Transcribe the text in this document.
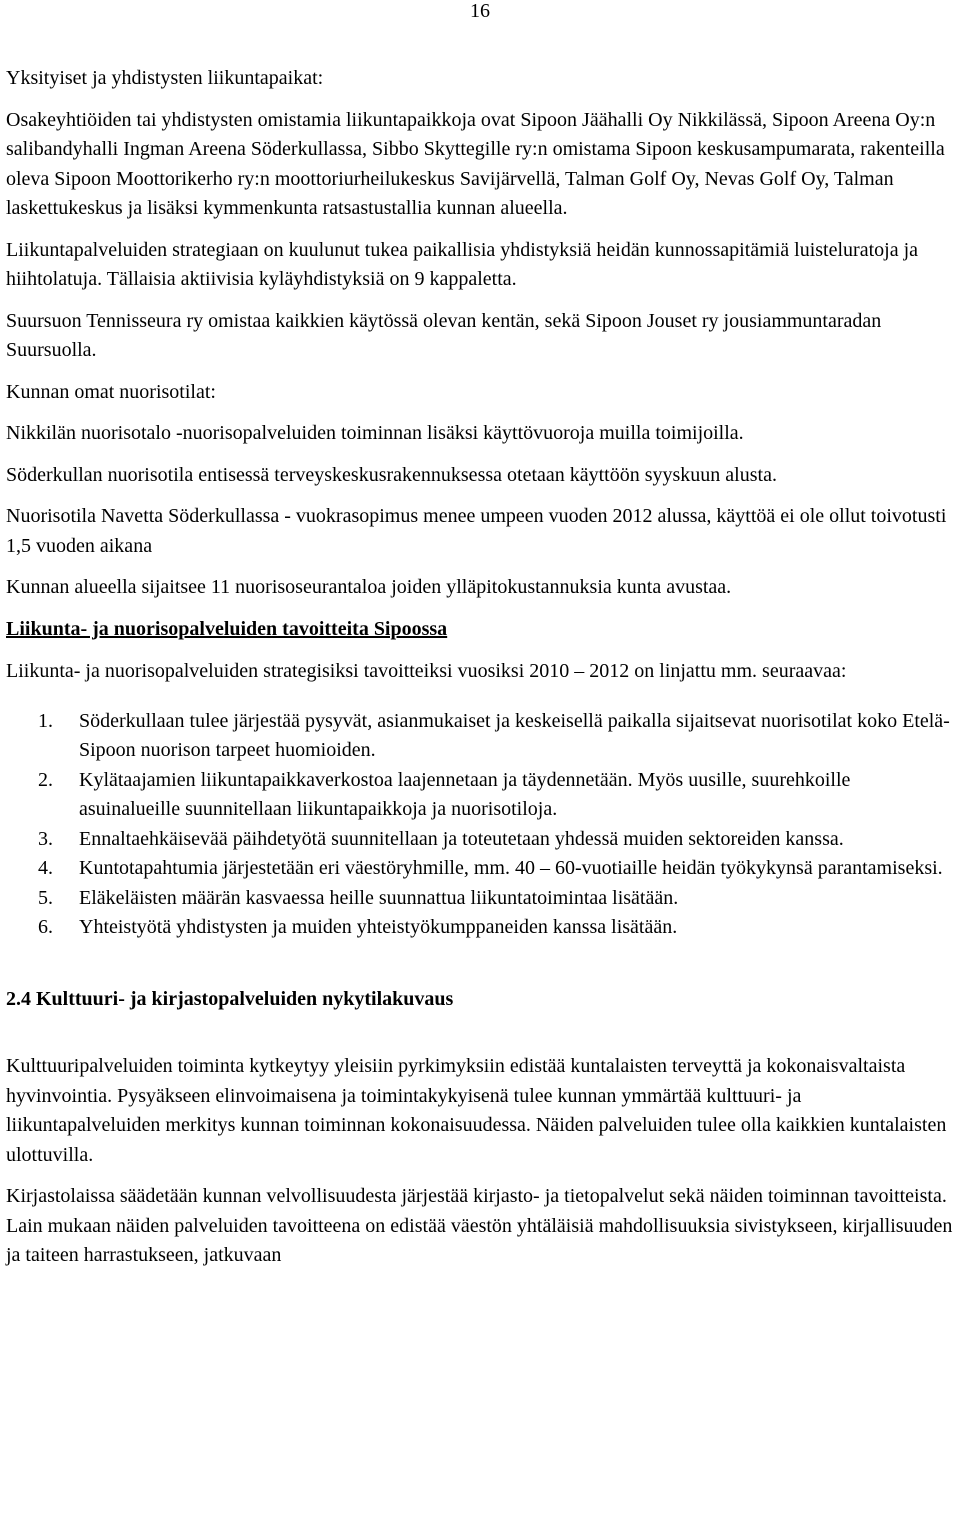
16

Yksityiset ja yhdistysten liikuntapaikat:

Osakeyhtiöiden tai yhdistysten omistamia liikuntapaikkoja ovat Sipoon Jäähalli Oy Nikkilässä, Sipoon Areena Oy:n salibandyhalli Ingman Areena Söderkullassa, Sibbo Skyttegille ry:n omistama Sipoon keskusampumarata, rakenteilla oleva Sipoon Moottorikerho ry:n moottoriurheilukeskus Savijärvellä, Talman Golf Oy, Nevas Golf Oy, Talman laskettukeskus ja lisäksi kymmenkunta ratsastustallia kunnan alueella.

Liikuntapalveluiden strategiaan on kuulunut tukea paikallisia yhdistyksiä heidän kunnossapitämiä luisteluratoja ja hiihtolatuja. Tällaisia aktiivisia kyläyhdistyksiä on 9 kappaletta.

Suursuon Tennisseura ry omistaa kaikkien käytössä olevan kentän, sekä Sipoon Jouset ry jousiammuntaradan Suursuolla.

Kunnan omat nuorisotilat:

Nikkilän nuorisotalo -nuorisopalveluiden toiminnan lisäksi käyttövuoroja muilla toimijoilla.

Söderkullan nuorisotila entisessä terveyskeskusrakennuksessa otetaan käyttöön syyskuun alusta.

Nuorisotila Navetta Söderkullassa - vuokrasopimus menee umpeen vuoden 2012 alussa, käyttöä ei ole ollut toivotusti 1,5 vuoden aikana

Kunnan alueella sijaitsee 11 nuorisoseurantaloa joiden ylläpitokustannuksia kunta avustaa.

Liikunta- ja nuorisopalveluiden tavoitteita Sipoossa

Liikunta- ja nuorisopalveluiden strategisiksi tavoitteiksi vuosiksi 2010 – 2012 on linjattu mm. seuraavaa:

1. Söderkullaan tulee järjestää pysyvät, asianmukaiset ja keskeisellä paikalla sijaitsevat nuorisotilat koko Etelä-Sipoon nuorison tarpeet huomioiden.
2. Kylätaajamien liikuntapaikkaverkostoa laajennetaan ja täydennetään. Myös uusille, suurehkoille asuinalueille suunnitellaan liikuntapaikkoja ja nuorisotiloja.
3. Ennaltaehkäisevää päihdetyötä suunnitellaan ja toteutetaan yhdessä muiden sektoreiden kanssa.
4. Kuntotapahtumia järjestetään eri väestöryhmille, mm. 40 – 60-vuotiaille heidän työkykynsä parantamiseksi.
5. Eläkeläisten määrän kasvaessa heille suunnattua liikuntatoimintaa lisätään.
6. Yhteistyötä yhdistysten ja muiden yhteistyökumppaneiden kanssa lisätään.

2.4 Kulttuuri- ja kirjastopalveluiden nykytilakuvaus

Kulttuuripalveluiden toiminta kytkeytyy yleisiin pyrkimyksiin edistää kuntalaisten terveyttä ja kokonaisvaltaista hyvinvointia. Pysyäkseen elinvoimaisena ja toimintakykyisenä tulee kunnan ymmärtää kulttuuri- ja liikuntapalveluiden merkitys kunnan toiminnan kokonaisuudessa. Näiden palveluiden tulee olla kaikkien kuntalaisten ulottuvilla.

Kirjastolaissa säädetään kunnan velvollisuudesta järjestää kirjasto- ja tietopalvelut sekä näiden toiminnan tavoitteista. Lain mukaan näiden palveluiden tavoitteena on edistää väestön yhtäläisiä mahdollisuuksia sivistykseen, kirjallisuuden ja taiteen harrastukseen, jatkuvaan
